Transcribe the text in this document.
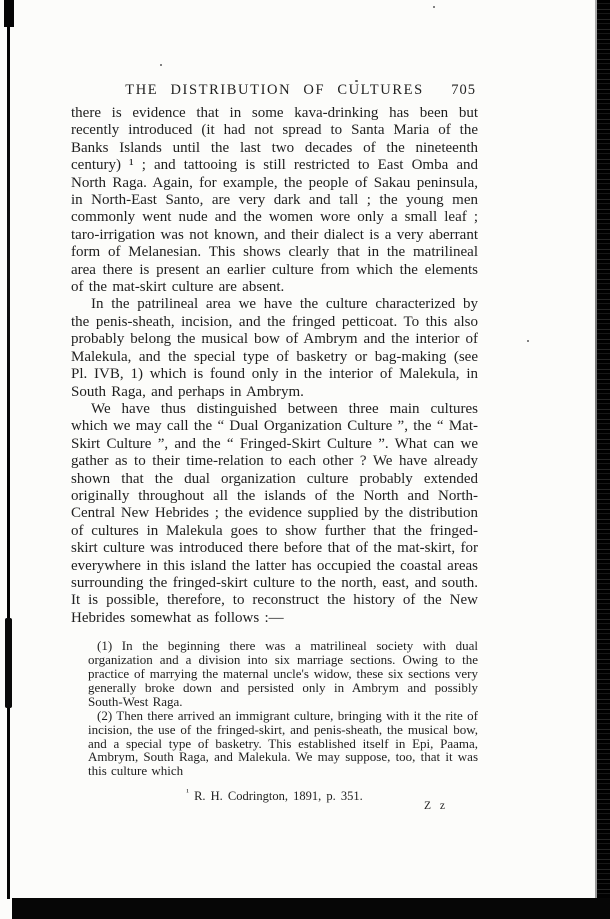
THE DISTRIBUTION OF CULTURES 705

there is evidence that in some kava-drinking has been but recently introduced (it had not spread to Santa Maria of the Banks Islands until the last two decades of the nineteenth century) ¹ ; and tattooing is still restricted to East Omba and North Raga. Again, for example, the people of Sakau peninsula, in North-East Santo, are very dark and tall ; the young men commonly went nude and the women wore only a small leaf ; taro-irrigation was not known, and their dialect is a very aberrant form of Melanesian. This shows clearly that in the matrilineal area there is present an earlier culture from which the elements of the mat-skirt culture are absent.

In the patrilineal area we have the culture characterized by the penis-sheath, incision, and the fringed petticoat. To this also probably belong the musical bow of Ambrym and the interior of Malekula, and the special type of basketry or bag-making (see Pl. IVB, 1) which is found only in the interior of Malekula, in South Raga, and perhaps in Ambrym.

We have thus distinguished between three main cultures which we may call the “ Dual Organization Culture ”, the “ Mat-Skirt Culture ”, and the “ Fringed-Skirt Culture ”. What can we gather as to their time-relation to each other ? We have already shown that the dual organization culture probably extended originally throughout all the islands of the North and North-Central New Hebrides ; the evidence supplied by the distribution of cultures in Malekula goes to show further that the fringed-skirt culture was introduced there before that of the mat-skirt, for everywhere in this island the latter has occupied the coastal areas surrounding the fringed-skirt culture to the north, east, and south. It is possible, therefore, to reconstruct the history of the New Hebrides somewhat as follows :—

(1) In the beginning there was a matrilineal society with dual organization and a division into six marriage sections. Owing to the practice of marrying the maternal uncle's widow, these six sections very generally broke down and persisted only in Ambrym and possibly South-West Raga.

(2) Then there arrived an immigrant culture, bringing with it the rite of incision, the use of the fringed-skirt, and penis-sheath, the musical bow, and a special type of basketry. This established itself in Epi, Paama, Ambrym, South Raga, and Malekula. We may suppose, too, that it was this culture which

$^{^1}$ R. H. Codrington, 1891, p. 351.
Z z
